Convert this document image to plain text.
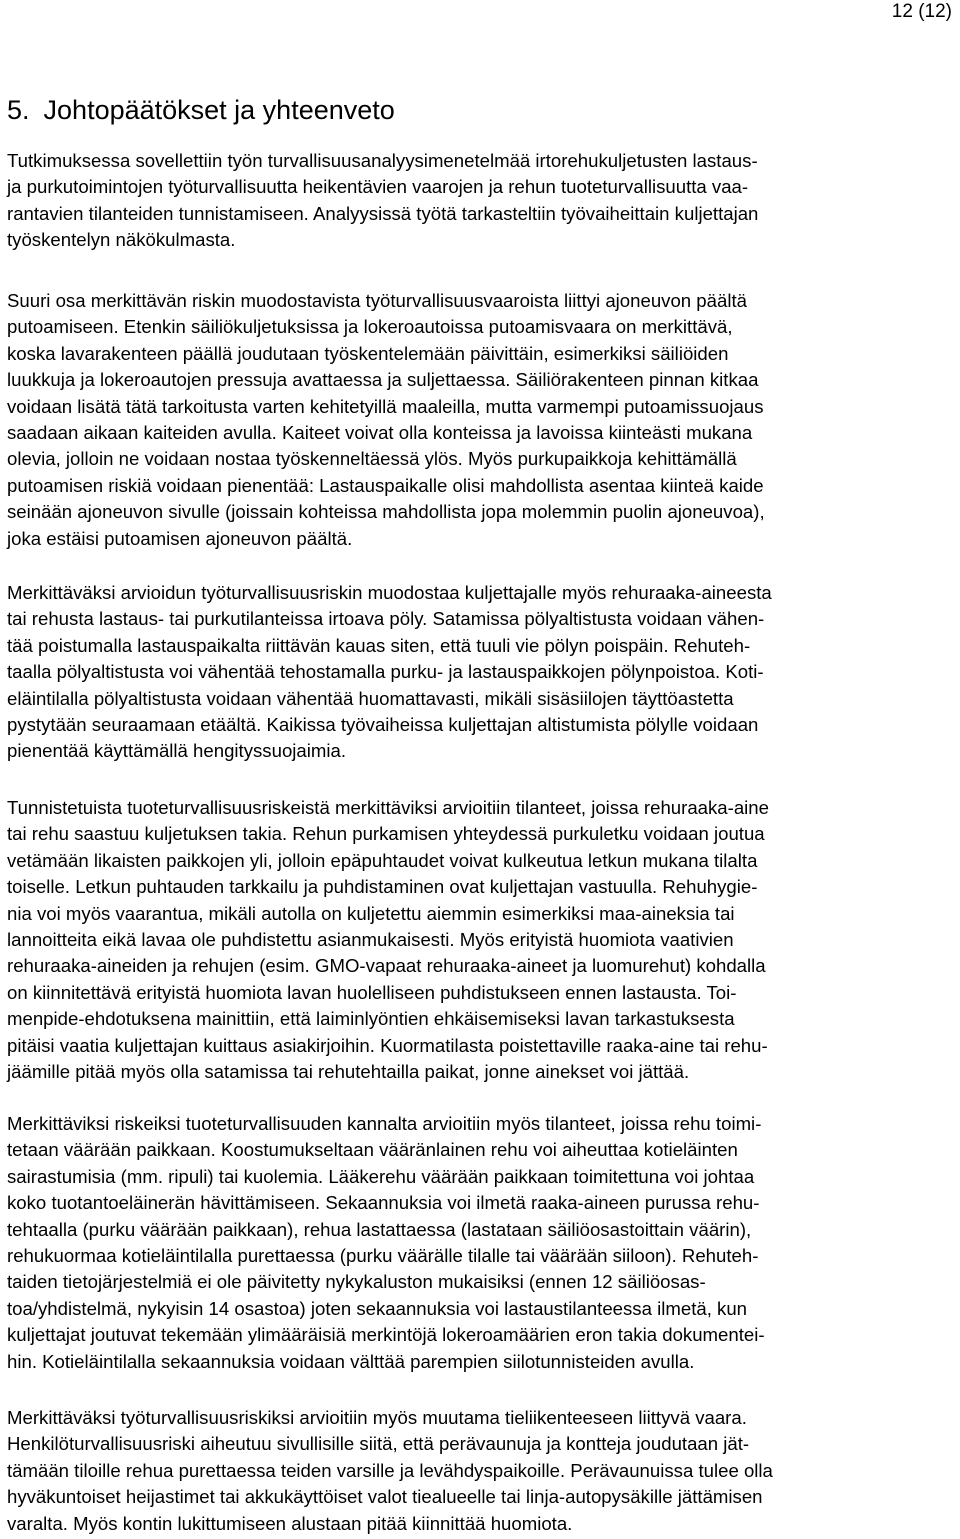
12 (12)
5. Johtopäätökset ja yhteenveto

Tutkimuksessa sovellettiin työn turvallisuusanalyysimenetelmää irtorehukuljetusten lastaus-
ja purkutoimintojen työturvallisuutta heikentävien vaarojen ja rehun tuoteturvallisuutta vaa-
rantavien tilanteiden tunnistamiseen. Analyysissä työtä tarkasteltiin työvaiheittain kuljettajan
työskentelyn näkökulmasta.

Suuri osa merkittävän riskin muodostavista työturvallisuusvaaroista liittyi ajoneuvon päältä
putoamiseen. Etenkin säiliökuljetuksissa ja lokeroautoissa putoamisvaara on merkittävä,
koska lavarakenteen päällä joudutaan työskentelemään päivittäin, esimerkiksi säiliöiden
luukkuja ja lokeroautojen pressuja avattaessa ja suljettaessa. Säiliörakenteen pinnan kitkaa
voidaan lisätä tätä tarkoitusta varten kehitetyillä maaleilla, mutta varmempi putoamissuojaus
saadaan aikaan kaiteiden avulla. Kaiteet voivat olla konteissa ja lavoissa kiinteästi mukana
olevia, jolloin ne voidaan nostaa työskenneltäessä ylös. Myös purkupaikkoja kehittämällä
putoamisen riskiä voidaan pienentää: Lastauspaikalle olisi mahdollista asentaa kiinteä kaide
seinään ajoneuvon sivulle (joissain kohteissa mahdollista jopa molemmin puolin ajoneuvoa),
joka estäisi putoamisen ajoneuvon päältä.

Merkittäväksi arvioidun työturvallisuusriskin muodostaa kuljettajalle myös rehuraaka-aineesta
tai rehusta lastaus- tai purkutilanteissa irtoava pöly. Satamissa pölyaltistusta voidaan vähen-
tää poistumalla lastauspaikalta riittävän kauas siten, että tuuli vie pölyn poispäin. Rehuteh-
taalla pölyaltistusta voi vähentää tehostamalla purku- ja lastauspaikkojen pölynpoistoa. Koti-
eläintilalla pölyaltistusta voidaan vähentää huomattavasti, mikäli sisäsiilojen täyttöastetta
pystytään seuraamaan etäältä. Kaikissa työvaiheissa kuljettajan altistumista pölylle voidaan
pienentää käyttämällä hengityssuojaimia.

Tunnistetuista tuoteturvallisuusriskeistä merkittäviksi arvioitiin tilanteet, joissa rehuraaka-aine
tai rehu saastuu kuljetuksen takia. Rehun purkamisen yhteydessä purkuletku voidaan joutua
vetämään likaisten paikkojen yli, jolloin epäpuhtaudet voivat kulkeutua letkun mukana tilalta
toiselle. Letkun puhtauden tarkkailu ja puhdistaminen ovat kuljettajan vastuulla. Rehuhygie-
nia voi myös vaarantua, mikäli autolla on kuljetettu aiemmin esimerkiksi maa-aineksia tai
lannoitteita eikä lavaa ole puhdistettu asianmukaisesti. Myös erityistä huomiota vaativien
rehuraaka-aineiden ja rehujen (esim. GMO-vapaat rehuraaka-aineet ja luomurehut) kohdalla
on kiinnitettävä erityistä huomiota lavan huolelliseen puhdistukseen ennen lastausta. Toi-
menpide-ehdotuksena mainittiin, että laiminlyöntien ehkäisemiseksi lavan tarkastuksesta
pitäisi vaatia kuljettajan kuittaus asiakirjoihin. Kuormatilasta poistettaville raaka-aine tai rehu-
jäämille pitää myös olla satamissa tai rehutehtailla paikat, jonne ainekset voi jättää.

Merkittäviksi riskeiksi tuoteturvallisuuden kannalta arvioitiin myös tilanteet, joissa rehu toimi-
tetaan väärään paikkaan. Koostumukseltaan vääränlainen rehu voi aiheuttaa kotieläinten
sairastumisia (mm. ripuli) tai kuolemia. Lääkerehu väärään paikkaan toimitettuna voi johtaa
koko tuotantoeläinerän hävittämiseen. Sekaannuksia voi ilmetä raaka-aineen purussa rehu-
tehtaalla (purku väärään paikkaan), rehua lastattaessa (lastataan säiliöosastoittain väärin),
rehukuormaa kotieläintilalla purettaessa (purku väärälle tilalle tai väärään siiloon). Rehuteh-
taiden tietojärjestelmiä ei ole päivitetty nykykaluston mukaisiksi (ennen 12 säiliöosas-
toa/yhdistelmä, nykyisin 14 osastoa) joten sekaannuksia voi lastaustilanteessa ilmetä, kun
kuljettajat joutuvat tekemään ylimääräisiä merkintöjä lokeroamäärien eron takia dokumentei-
hin. Kotieläintilalla sekaannuksia voidaan välttää parempien siilotunnisteiden avulla.

Merkittäväksi työturvallisuusriskiksi arvioitiin myös muutama tieliikenteeseen liittyvä vaara.
Henkilöturvallisuusriski aiheutuu sivullisille siitä, että perävaunuja ja kontteja joudutaan jät-
tämään tiloille rehua purettaessa teiden varsille ja levähdyspaikoille. Perävaunuissa tulee olla
hyväkuntoiset heijastimet tai akkukäyttöiset valot tiealueelle tai linja-autopysäkille jättämisen
varalta. Myös kontin lukittumiseen alustaan pitää kiinnittää huomiota.
